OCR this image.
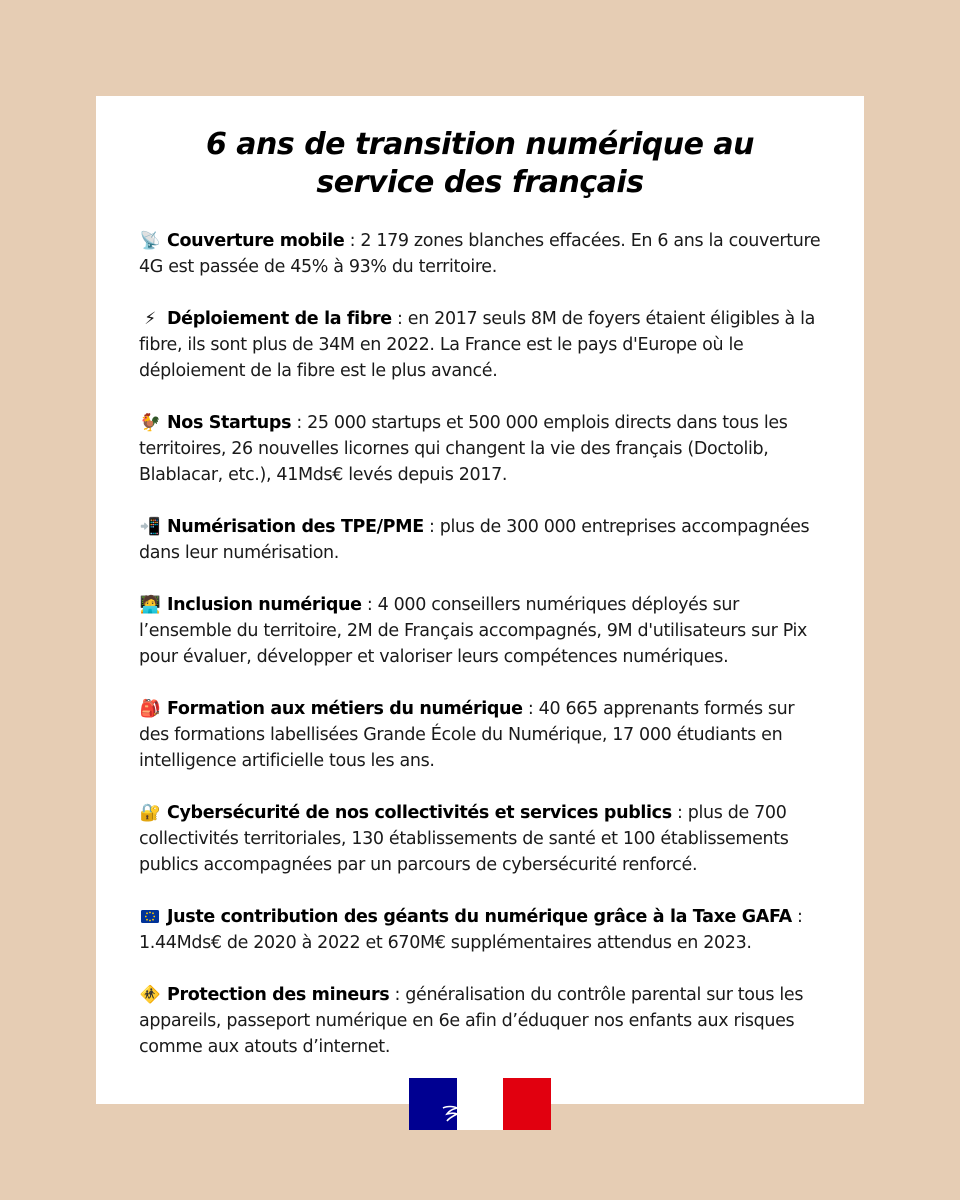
6 ans de transition numérique au
service des français

📡 Couverture mobile : 2 179 zones blanches effacées. En 6 ans la couverture 4G est passée de 45% à 93% du territoire.

⚡ Déploiement de la fibre : en 2017 seuls 8M de foyers étaient éligibles à la fibre, ils sont plus de 34M en 2022. La France est le pays d'Europe où le déploiement de la fibre est le plus avancé.

🐓 Nos Startups : 25 000 startups et 500 000 emplois directs dans tous les territoires, 26 nouvelles licornes qui changent la vie des français (Doctolib, Blablacar, etc.), 41Mds€ levés depuis 2017.

📲 Numérisation des TPE/PME : plus de 300 000 entreprises accompagnées dans leur numérisation.

🧑‍💻 Inclusion numérique : 4 000 conseillers numériques déployés sur l’ensemble du territoire, 2M de Français accompagnés, 9M d'utilisateurs sur Pix pour évaluer, développer et valoriser leurs compétences numériques.

🎒 Formation aux métiers du numérique : 40 665 apprenants formés sur des formations labellisées Grande École du Numérique, 17 000 étudiants en intelligence artificielle tous les ans.

🔐 Cybersécurité de nos collectivités et services publics : plus de 700 collectivités territoriales, 130 établissements de santé et 100 établissements publics accompagnées par un parcours de cybersécurité renforcé.

Juste contribution des géants du numérique grâce à la Taxe GAFA : 1.44Mds€ de 2020 à 2022 et 670M€ supplémentaires attendus en 2023.

🚸 Protection des mineurs : généralisation du contrôle parental sur tous les appareils, passeport numérique en 6e afin d’éduquer nos enfants aux risques comme aux atouts d’internet.
